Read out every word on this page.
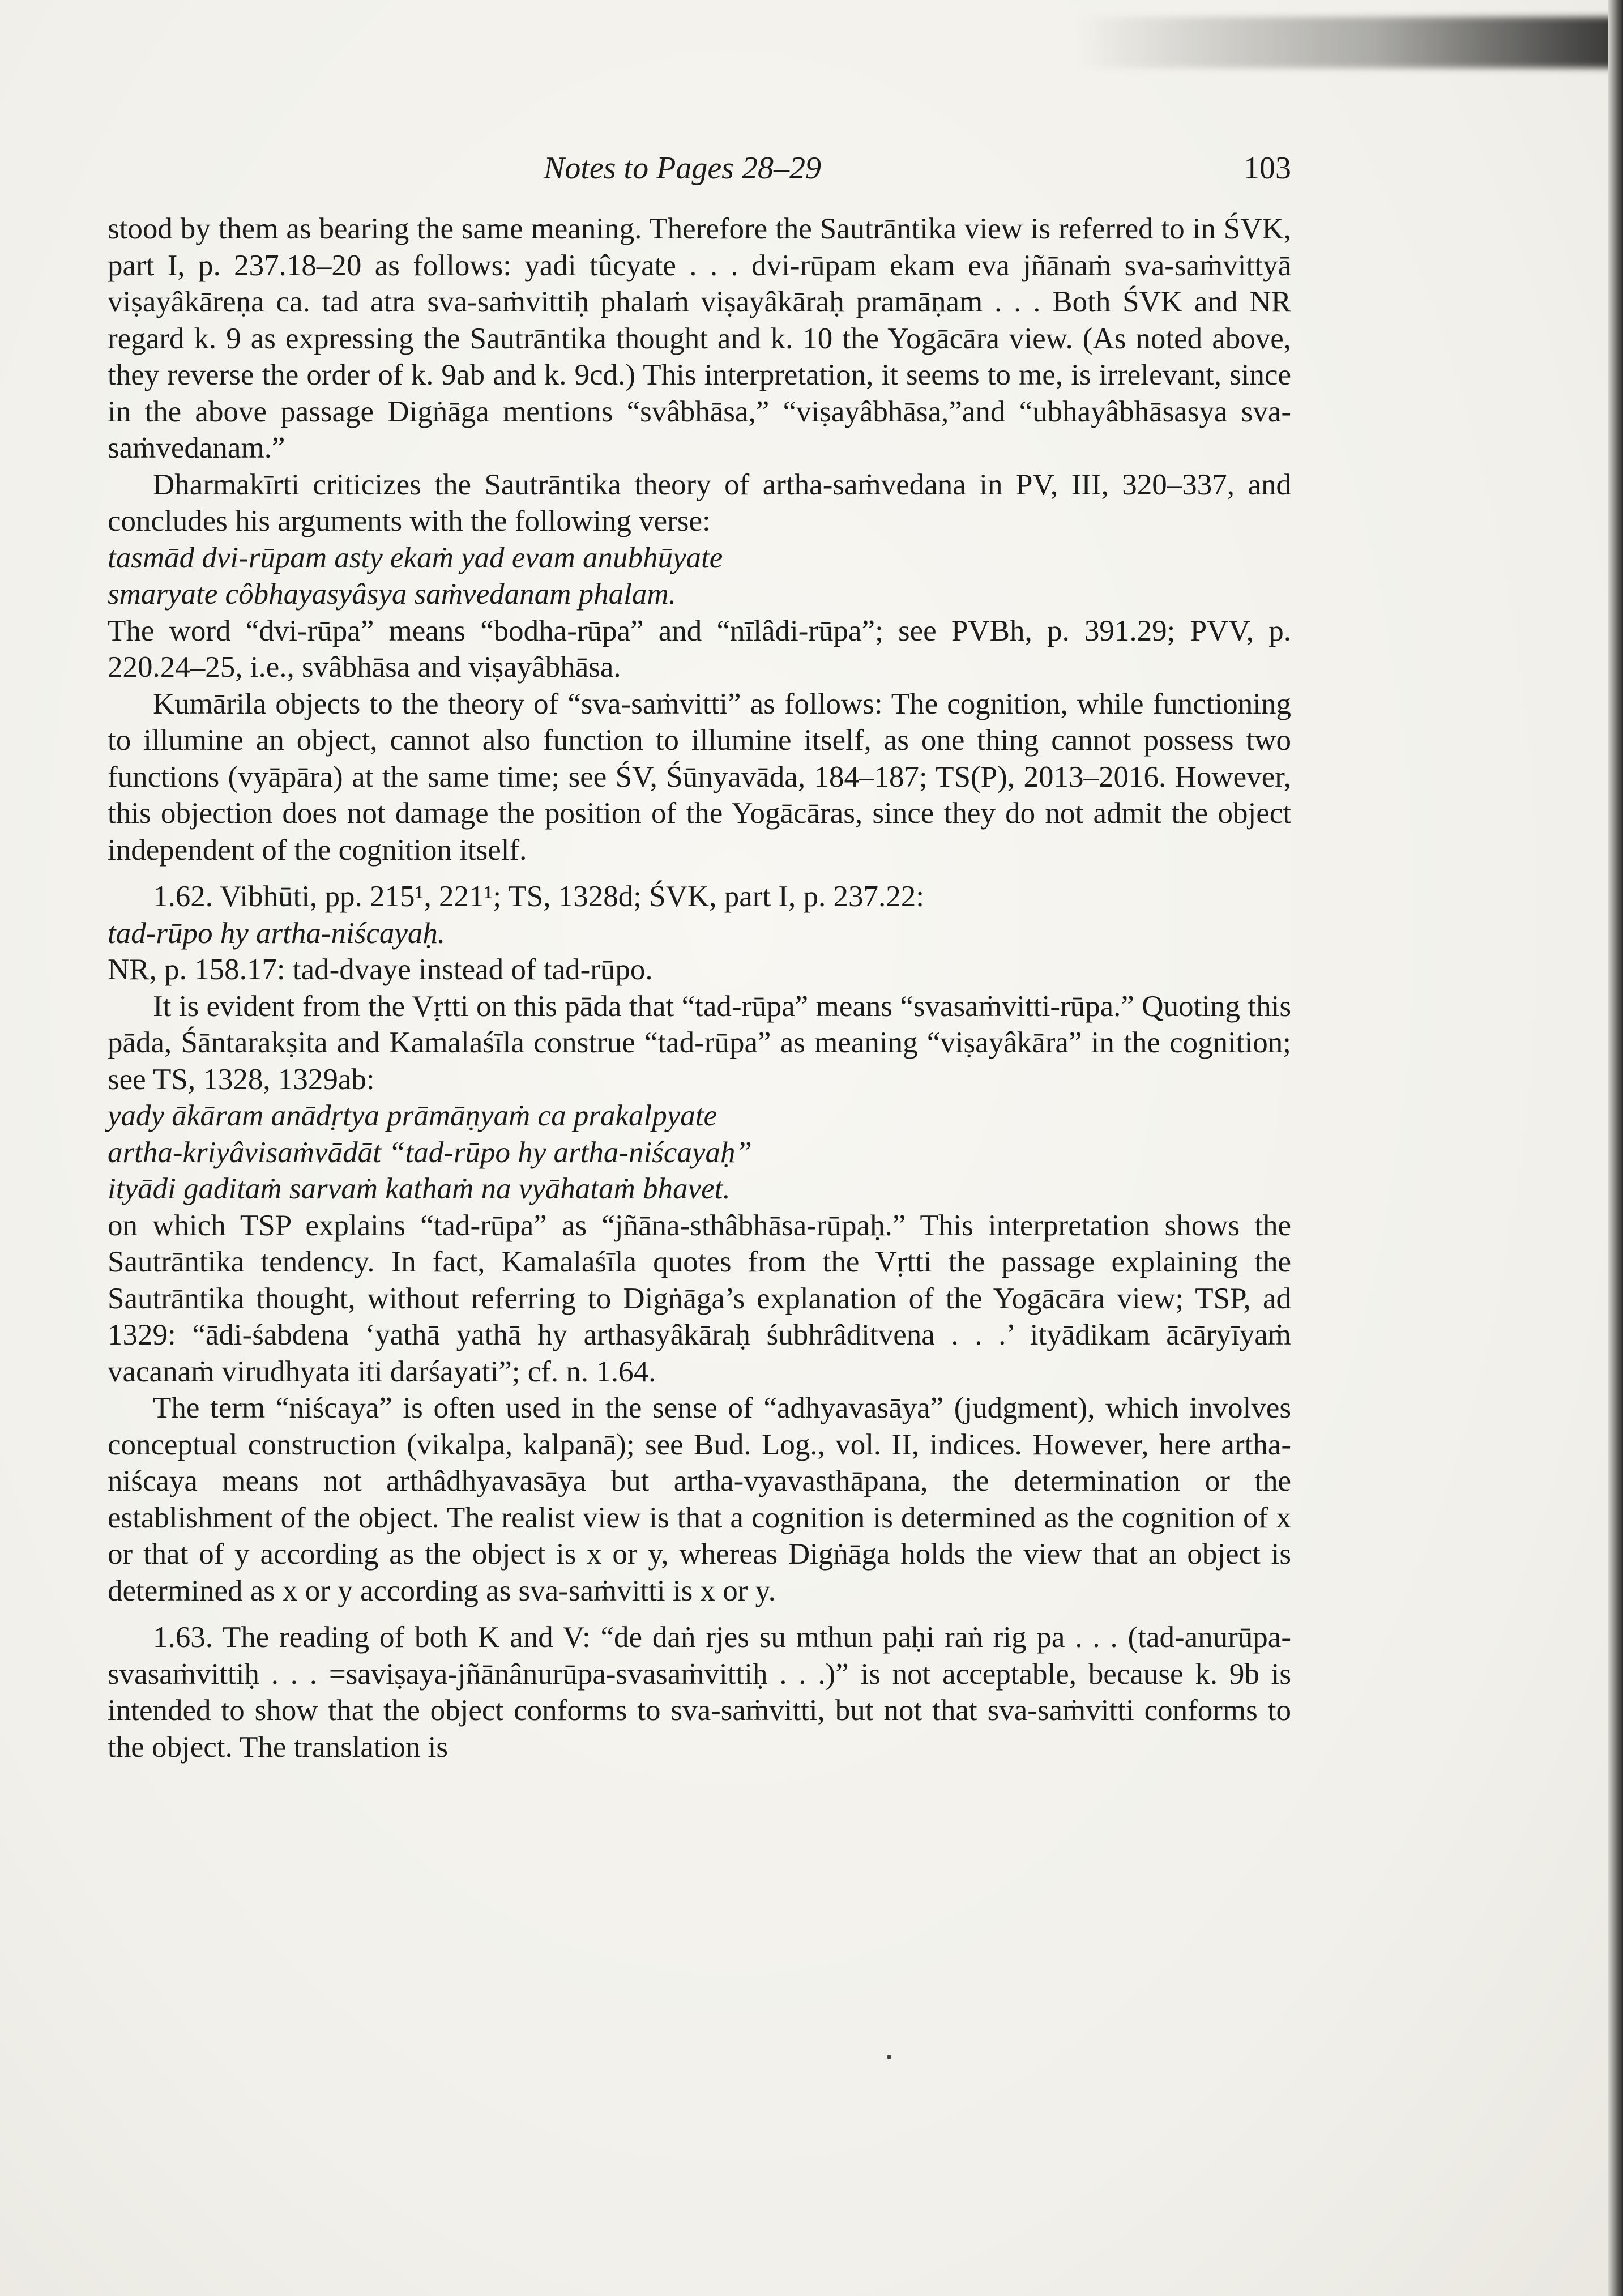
Notes to Pages 28–29	103

stood by them as bearing the same meaning. Therefore the Sautrāntika view is referred to in ŚVK, part I, p. 237.18–20 as follows: yadi tûcyate . . . dvi-rūpam ekam eva jñānaṁ sva-saṁvittyā viṣayâkāreṇa ca. tad atra sva-saṁvittiḥ phalaṁ viṣayâkāraḥ pramāṇam . . . Both ŚVK and NR regard k. 9 as expressing the Sautrāntika thought and k. 10 the Yogācāra view. (As noted above, they reverse the order of k. 9ab and k. 9cd.) This interpretation, it seems to me, is irrelevant, since in the above passage Digṅāga mentions “svâbhāsa,” “viṣayâbhāsa,”and “ubhayâbhāsasya sva-saṁvedanam.”

Dharmakīrti criticizes the Sautrāntika theory of artha-saṁvedana in PV, III, 320–337, and concludes his arguments with the following verse:

tasmād dvi-rūpam asty ekaṁ yad evam anubhūyate

smaryate côbhayasyâsya saṁvedanam phalam.

The word “dvi-rūpa” means “bodha-rūpa” and “nīlâdi-rūpa”; see PVBh, p. 391.29; PVV, p. 220.24–25, i.e., svâbhāsa and viṣayâbhāsa.

Kumārila objects to the theory of “sva-saṁvitti” as follows: The cognition, while functioning to illumine an object, cannot also function to illumine itself, as one thing cannot possess two functions (vyāpāra) at the same time; see ŚV, Śūnyavāda, 184–187; TS(P), 2013–2016. However, this objection does not damage the position of the Yogācāras, since they do not admit the object independent of the cognition itself.

1.62. Vibhūti, pp. 215¹, 221¹; TS, 1328d; ŚVK, part I, p. 237.22:

tad-rūpo hy artha-niścayaḥ.

NR, p. 158.17: tad-dvaye instead of tad-rūpo.

It is evident from the Vṛtti on this pāda that “tad-rūpa” means “svasaṁvitti-rūpa.” Quoting this pāda, Śāntarakṣita and Kamalaśīla construe “tad-rūpa” as meaning “viṣayâkāra” in the cognition; see TS, 1328, 1329ab:

yady ākāram anādṛtya prāmāṇyaṁ ca prakalpyate

artha-kriyâvisaṁvādāt “tad-rūpo hy artha-niścayaḥ”

ityādi gaditaṁ sarvaṁ kathaṁ na vyāhataṁ bhavet.

on which TSP explains “tad-rūpa” as “jñāna-sthâbhāsa-rūpaḥ.” This interpretation shows the Sautrāntika tendency. In fact, Kamalaśīla quotes from the Vṛtti the passage explaining the Sautrāntika thought, without referring to Digṅāga’s explanation of the Yogācāra view; TSP, ad 1329: “ādi-śabdena ‘yathā yathā hy arthasyâkāraḥ śubhrâditvena . . .’ ityādikam ācāryīyaṁ vacanaṁ virudhyata iti darśayati”; cf. n. 1.64.

The term “niścaya” is often used in the sense of “adhyavasāya” (judgment), which involves conceptual construction (vikalpa, kalpanā); see Bud. Log., vol. II, indices. However, here artha-niścaya means not arthâdhyavasāya but artha-vyavasthāpana, the determination or the establishment of the object. The realist view is that a cognition is determined as the cognition of x or that of y according as the object is x or y, whereas Digṅāga holds the view that an object is determined as x or y according as sva-saṁvitti is x or y.

1.63. The reading of both K and V: “de daṅ rjes su mthun paḥi raṅ rig pa . . . (tad-anurūpa-svasaṁvittiḥ . . . =saviṣaya-jñānânurūpa-svasaṁvittiḥ . . .)” is not acceptable, because k. 9b is intended to show that the object conforms to sva-saṁvitti, but not that sva-saṁvitti conforms to the object. The translation is
